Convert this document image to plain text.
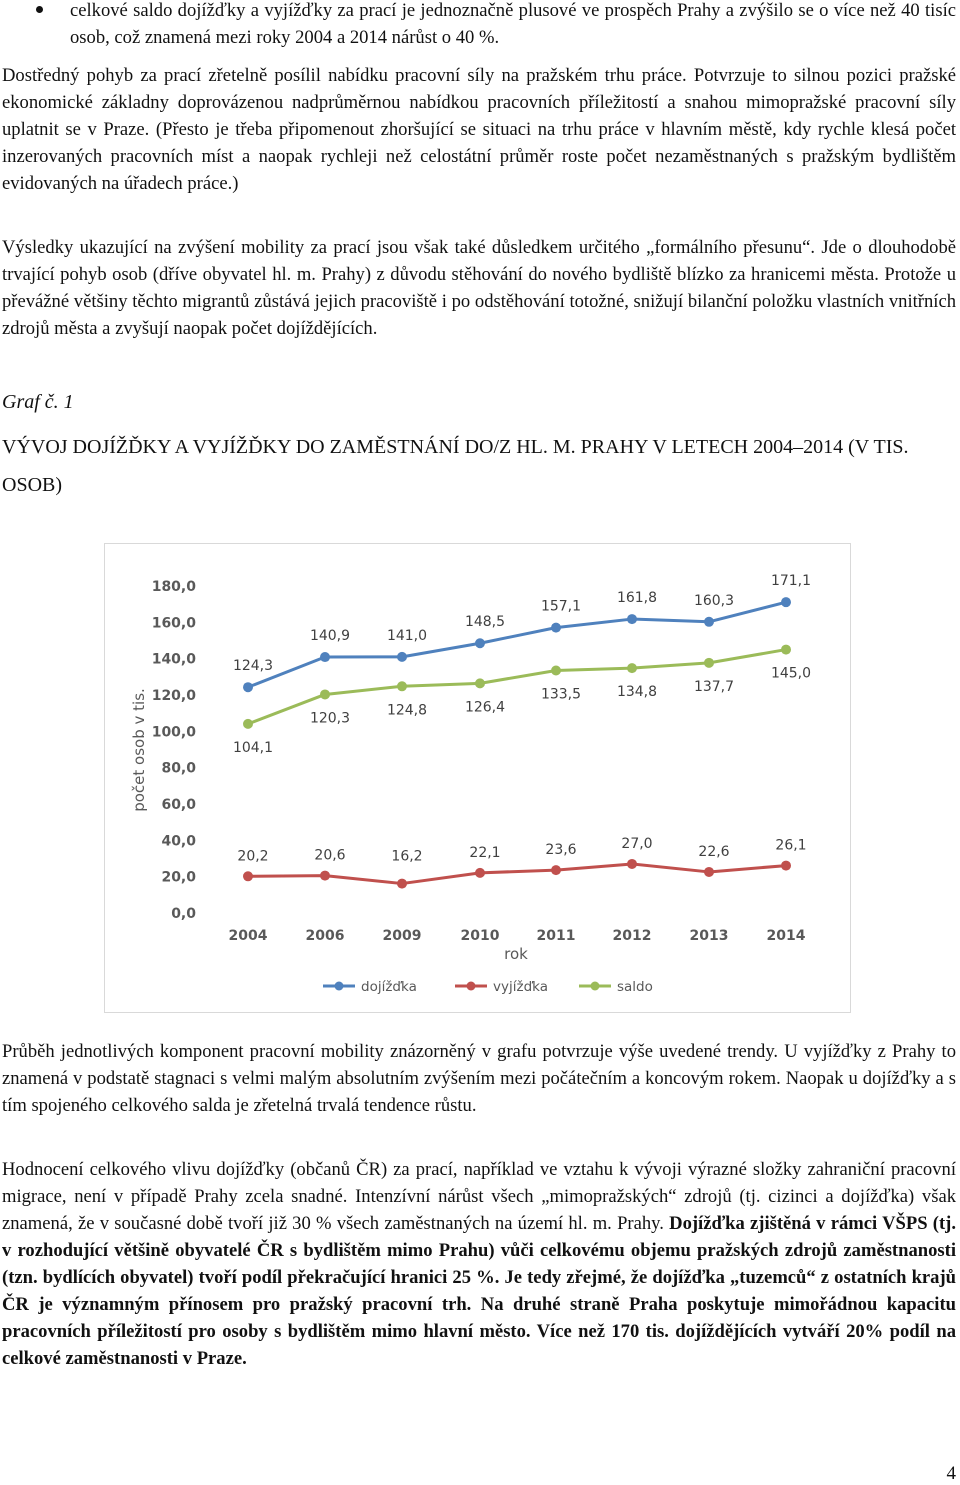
celkové saldo dojížďky a vyjížďky za prací je jednoznačně plusové ve prospěch Prahy a zvýšilo se o více než 40 tisíc osob, což znamená mezi roky 2004 a 2014 nárůst o 40 %.

Dostředný pohyb za prací zřetelně posílil nabídku pracovní síly na pražském trhu práce. Potvrzuje to silnou pozici pražské ekonomické základny doprovázenou nadprůměrnou nabídkou pracovních příležitostí a snahou mimopražské pracovní síly uplatnit se v Praze. (Přesto je třeba připomenout zhoršující se situaci na trhu práce v hlavním městě, kdy rychle klesá počet inzerovaných pracovních míst a naopak rychleji než celostátní průměr roste počet nezaměstnaných s pražským bydlištěm evidovaných na úřadech práce.)

Výsledky ukazující na zvýšení mobility za prací jsou však také důsledkem určitého „formálního přesunu“. Jde o dlouhodobě trvající pohyb osob (dříve obyvatel hl. m. Prahy) z důvodu stěhování do nového bydliště blízko za hranicemi města. Protože u převážné většiny těchto migrantů zůstává jejich pracoviště i po odstěhování totožné, snižují bilanční položku vlastních vnitřních zdrojů města a zvyšují naopak počet dojíždějících.

Graf č. 1
VÝVOJ DOJÍŽĎKY A VYJÍŽĎKY DO ZAMĚSTNÁNÍ DO/Z HL. M. PRAHY V LETECH 2004–2014 (V TIS. OSOB)
0,0
20,0
40,0
60,0
80,0
100,0
120,0
140,0
160,0
180,0
2004	2006	2009	2010	2011	2012	2013	2014
rok
počet osob v tis.
124,3
140,9	141,0
148,5
157,1
161,8	160,3
171,1
20,2	20,6	16,2	22,1	23,6	27,0	22,6	26,1
104,1
120,3
124,8	126,4
133,5	134,8	137,7
145,0
dojížďka	vyjížďka	saldo

Průběh jednotlivých komponent pracovní mobility znázorněný v grafu potvrzuje výše uvedené trendy. U vyjížďky z Prahy to znamená v podstatě stagnaci s velmi malým absolutním zvýšením mezi počátečním a koncovým rokem. Naopak u dojížďky a s tím spojeného celkového salda je zřetelná trvalá tendence růstu.

Hodnocení celkového vlivu dojížďky (občanů ČR) za prací, například ve vztahu k vývoji výrazné složky zahraniční pracovní migrace, není v případě Prahy zcela snadné. Intenzívní nárůst všech „mimopražských“ zdrojů (tj. cizinci a dojížďka) však znamená, že v současné době tvoří již 30 % všech zaměstnaných na území hl. m. Prahy. Dojížďka zjištěná v rámci VŠPS (tj. v rozhodující většině obyvatelé ČR s bydlištěm mimo Prahu) vůči celkovému objemu pražských zdrojů zaměstnanosti (tzn. bydlících obyvatel) tvoří podíl překračující hranici 25 %. Je tedy zřejmé, že dojížďka „tuzemců“ z ostatních krajů ČR je významným přínosem pro pražský pracovní trh. Na druhé straně Praha poskytuje mimořádnou kapacitu pracovních příležitostí pro osoby s bydlištěm mimo hlavní město. Více než 170 tis. dojíždějících vytváří 20% podíl na celkové zaměstnanosti v Praze.

4
